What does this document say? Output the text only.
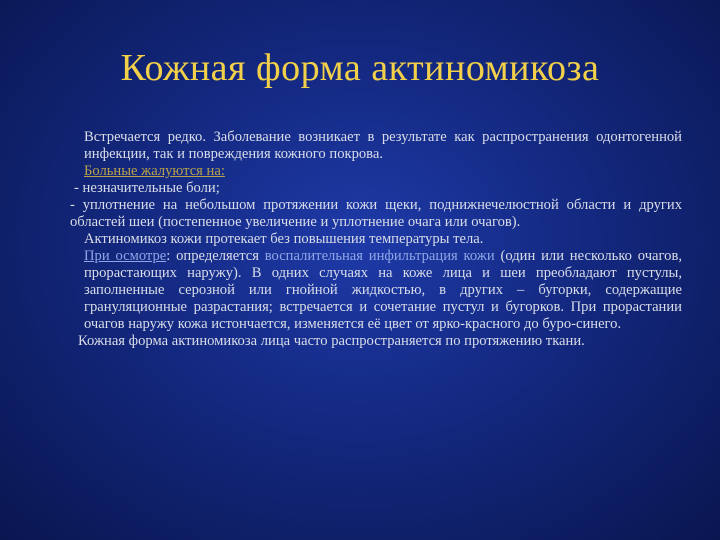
Кожная форма актиномикоза

Встречается редко. Заболевание возникает в результате как распространения одонтогенной инфекции, так и повреждения кожного покрова.

Больные жалуются на:

- незначительные боли;

- уплотнение на небольшом протяжении кожи щеки, поднижнечелюстной области и других областей шеи (постепенное увеличение и уплотнение очага или очагов).

Актиномикоз кожи протекает без повышения температуры тела.

При осмотре: определяется воспалительная инфильтрация кожи (один или несколько очагов, прорастающих наружу). В одних случаях на коже лица и шеи преобладают пустулы, заполненные серозной или гнойной жидкостью, в других – бугорки, содержащие грануляционные разрастания; встречается и сочетание пустул и бугорков. При прорастании очагов наружу кожа истончается, изменяется её цвет от ярко-красного до буро-синего.

Кожная форма актиномикоза лица часто распространяется по протяжению ткани.
